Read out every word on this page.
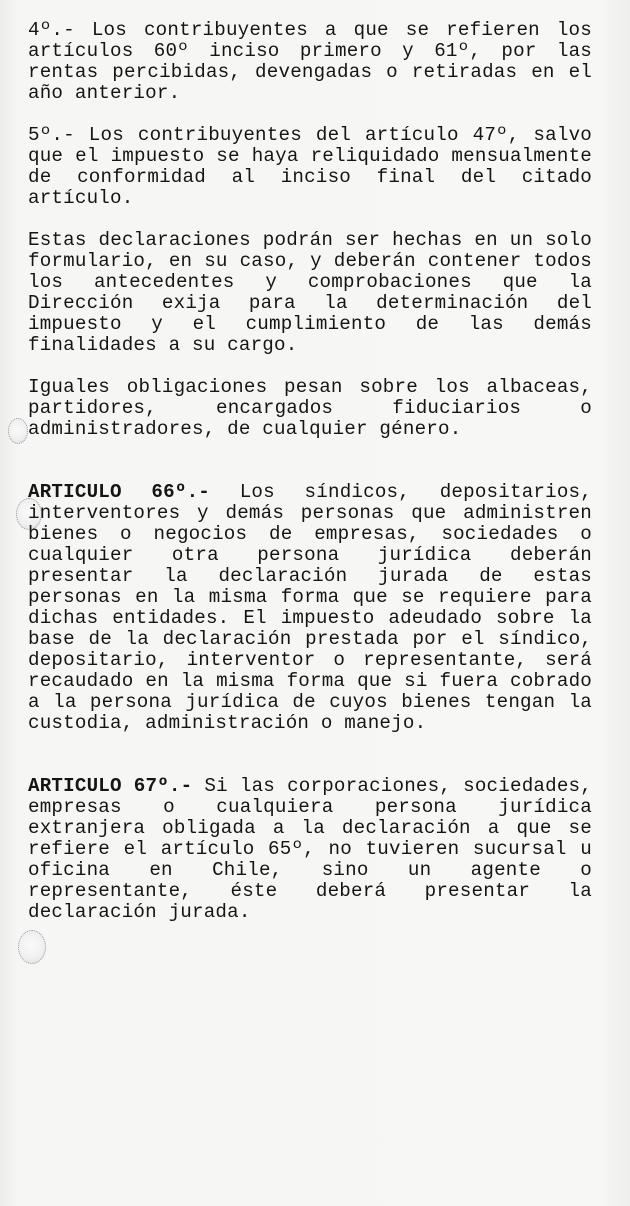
4º.- Los contribuyentes a que se refieren los artículos 60º inciso primero y 61º, por las rentas percibidas, devengadas o retiradas en el año anterior.

5º.- Los contribuyentes del artículo 47º, salvo que el impuesto se haya reliquidado mensualmente de conformidad al inciso final del citado artículo.

Estas declaraciones podrán ser hechas en un solo formulario, en su caso, y deberán contener todos los antecedentes y comprobaciones que la Dirección exija para la determinación del impuesto y el cumplimiento de las demás finalidades a su cargo.

Iguales obligaciones pesan sobre los albaceas, partidores, encargados fiduciarios o administradores, de cualquier género.

ARTICULO 66º.- Los síndicos, depositarios, interventores y demás personas que administren bienes o negocios de empresas, sociedades o cualquier otra persona jurídica deberán presentar la declaración jurada de estas personas en la misma forma que se requiere para dichas entidades. El impuesto adeudado sobre la base de la declaración prestada por el síndico, depositario, interventor o representante, será recaudado en la misma forma que si fuera cobrado a la persona jurídica de cuyos bienes tengan la custodia, administración o manejo.

ARTICULO 67º.- Si las corporaciones, sociedades, empresas o cualquiera persona jurídica extranjera obligada a la declaración a que se refiere el artículo 65º, no tuvieren sucursal u oficina en Chile, sino un agente o representante, éste deberá presentar la declaración jurada.
